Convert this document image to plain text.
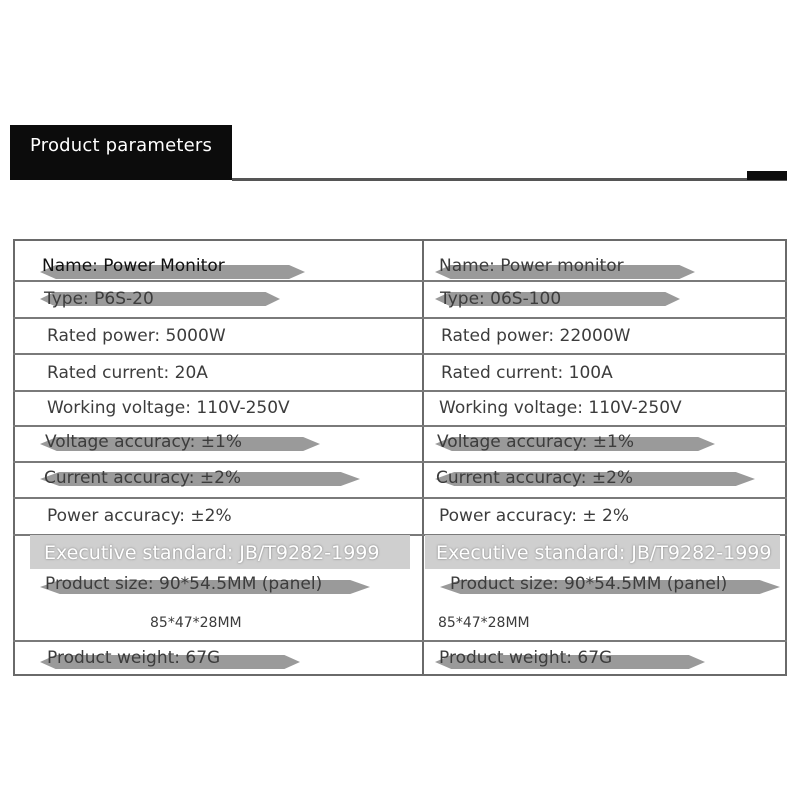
Product parameters
Name: Power Monitor
Type: P6S-20
Rated power: 5000W
Rated current: 20A
Working voltage: 110V-250V
Voltage accuracy: ±1%
Current accuracy: ±2%
Power accuracy: ±2%
Executive standard: JB/T9282-1999
Product size: 90*54.5MM (panel)
85*47*28MM
Product weight: 67G
Name: Power monitor
Type: 06S-100
Rated power: 22000W
Rated current: 100A
Working voltage: 110V-250V
Voltage accuracy: ±1%
Current accuracy: ±2%
Power accuracy: ± 2%
Executive standard: JB/T9282-1999
Product size: 90*54.5MM (panel)
85*47*28MM
Product weight: 67G
